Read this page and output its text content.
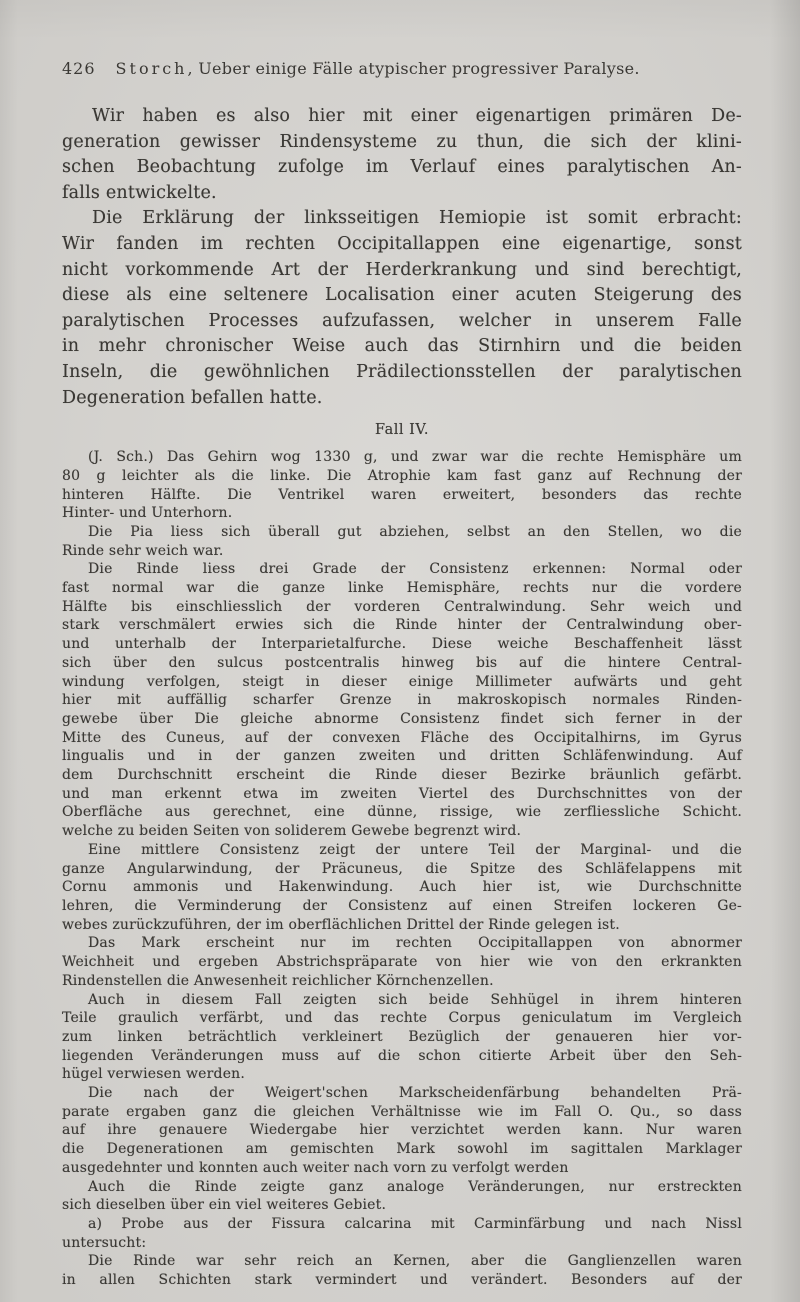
426 Storch, Ueber einige Fälle atypischer progressiver Paralyse.
Wir haben es also hier mit einer eigenartigen primären De-
generation gewisser Rindensysteme zu thun, die sich der klini-
schen Beobachtung zufolge im Verlauf eines paralytischen An-
falls entwickelte.
Die Erklärung der linksseitigen Hemiopie ist somit erbracht:
Wir fanden im rechten Occipitallappen eine eigenartige, sonst
nicht vorkommende Art der Herderkrankung und sind berechtigt,
diese als eine seltenere Localisation einer acuten Steigerung des
paralytischen Processes aufzufassen, welcher in unserem Falle
in mehr chronischer Weise auch das Stirnhirn und die beiden
Inseln, die gewöhnlichen Prädilectionsstellen der paralytischen
Degeneration befallen hatte.
Fall IV.
(J. Sch.) Das Gehirn wog 1330 g, und zwar war die rechte Hemisphäre um
80 g leichter als die linke. Die Atrophie kam fast ganz auf Rechnung der
hinteren Hälfte. Die Ventrikel waren erweitert, besonders das rechte
Hinter- und Unterhorn.
Die Pia liess sich überall gut abziehen, selbst an den Stellen, wo die
Rinde sehr weich war.
Die Rinde liess drei Grade der Consistenz erkennen: Normal oder
fast normal war die ganze linke Hemisphäre, rechts nur die vordere
Hälfte bis einschliesslich der vorderen Centralwindung. Sehr weich und
stark verschmälert erwies sich die Rinde hinter der Centralwindung ober-
und unterhalb der Interparietalfurche. Diese weiche Beschaffenheit lässt
sich über den sulcus postcentralis hinweg bis auf die hintere Central-
windung verfolgen, steigt in dieser einige Millimeter aufwärts und geht
hier mit auffällig scharfer Grenze in makroskopisch normales Rinden-
gewebe über Die gleiche abnorme Consistenz findet sich ferner in der
Mitte des Cuneus, auf der convexen Fläche des Occipitalhirns, im Gyrus
lingualis und in der ganzen zweiten und dritten Schläfenwindung. Auf
dem Durchschnitt erscheint die Rinde dieser Bezirke bräunlich gefärbt.
und man erkennt etwa im zweiten Viertel des Durchschnittes von der
Oberfläche aus gerechnet, eine dünne, rissige, wie zerfliessliche Schicht.
welche zu beiden Seiten von soliderem Gewebe begrenzt wird.
Eine mittlere Consistenz zeigt der untere Teil der Marginal- und die
ganze Angularwindung, der Präcuneus, die Spitze des Schläfelappens mit
Cornu ammonis und Hakenwindung. Auch hier ist, wie Durchschnitte
lehren, die Verminderung der Consistenz auf einen Streifen lockeren Ge-
webes zurückzuführen, der im oberflächlichen Drittel der Rinde gelegen ist.
Das Mark erscheint nur im rechten Occipitallappen von abnormer
Weichheit und ergeben Abstrichspräparate von hier wie von den erkrankten
Rindenstellen die Anwesenheit reichlicher Körnchenzellen.
Auch in diesem Fall zeigten sich beide Sehhügel in ihrem hinteren
Teile graulich verfärbt, und das rechte Corpus geniculatum im Vergleich
zum linken beträchtlich verkleinert Bezüglich der genaueren hier vor-
liegenden Veränderungen muss auf die schon citierte Arbeit über den Seh-
hügel verwiesen werden.
Die nach der Weigert'schen Markscheidenfärbung behandelten Prä-
parate ergaben ganz die gleichen Verhältnisse wie im Fall O. Qu., so dass
auf ihre genauere Wiedergabe hier verzichtet werden kann. Nur waren
die Degenerationen am gemischten Mark sowohl im sagittalen Marklager
ausgedehnter und konnten auch weiter nach vorn zu verfolgt werden
Auch die Rinde zeigte ganz analoge Veränderungen, nur erstreckten
sich dieselben über ein viel weiteres Gebiet.
a) Probe aus der Fissura calcarina mit Carminfärbung und nach Nissl
untersucht:
Die Rinde war sehr reich an Kernen, aber die Ganglienzellen waren
in allen Schichten stark vermindert und verändert. Besonders auf der
